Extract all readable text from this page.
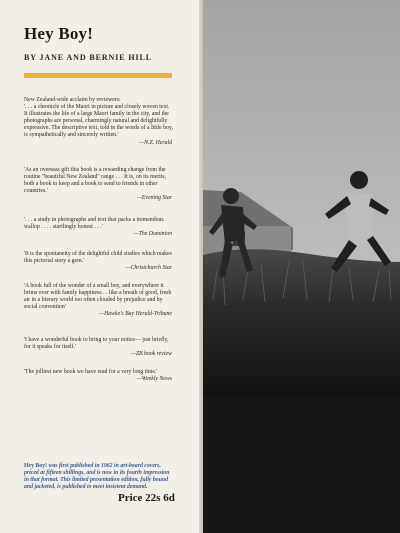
Hey Boy!
BY JANE AND BERNIE HILL

New Zealand-wide acclaim by reviewers:

'. . . a chronicle of the Maori in picture and closely woven text. It illustrates the life of a large Maori family in the city, and the photographs are personal, charmingly natural and delightfully expressive. The descriptive text, told in the words of a little boy, is sympathetically and sincerely written.'

—N.Z. Herald

'As an overseas gift this book is a rewarding change from the routine "beautiful New Zealand" range . . . It is, on its merits, both a book to keep and a book to send to friends in other countries.'

—Evening Star

'. . . a study in photographs and text that packs a tremendous wallop . . . . startlingly honest . . .'

—The Dominion

'It is the spontaneity of the delightful child studies which makes this pictorial story a gem.'

—Christchurch Star

'A book full of the wonder of a small boy, and everywhere it brims over with family happiness . . like a breath of good, fresh air in a literary world too often clouded by prejudice and by social convention'

—Hawke's Bay Herald-Tribune

'I have a wonderful book to bring to your notice— just briefly, for it speaks for itself.'

—ZB book review

'The jolliest new book we have read for a very long time.'

—Weekly News
Hey Boy! was first published in 1962 in art-board covers, priced at fifteen shillings, and is now in its fourth impression in that format. This limited presentation edition, fully bound and jacketed, is published to meet insistent demand.
Price 22s 6d
